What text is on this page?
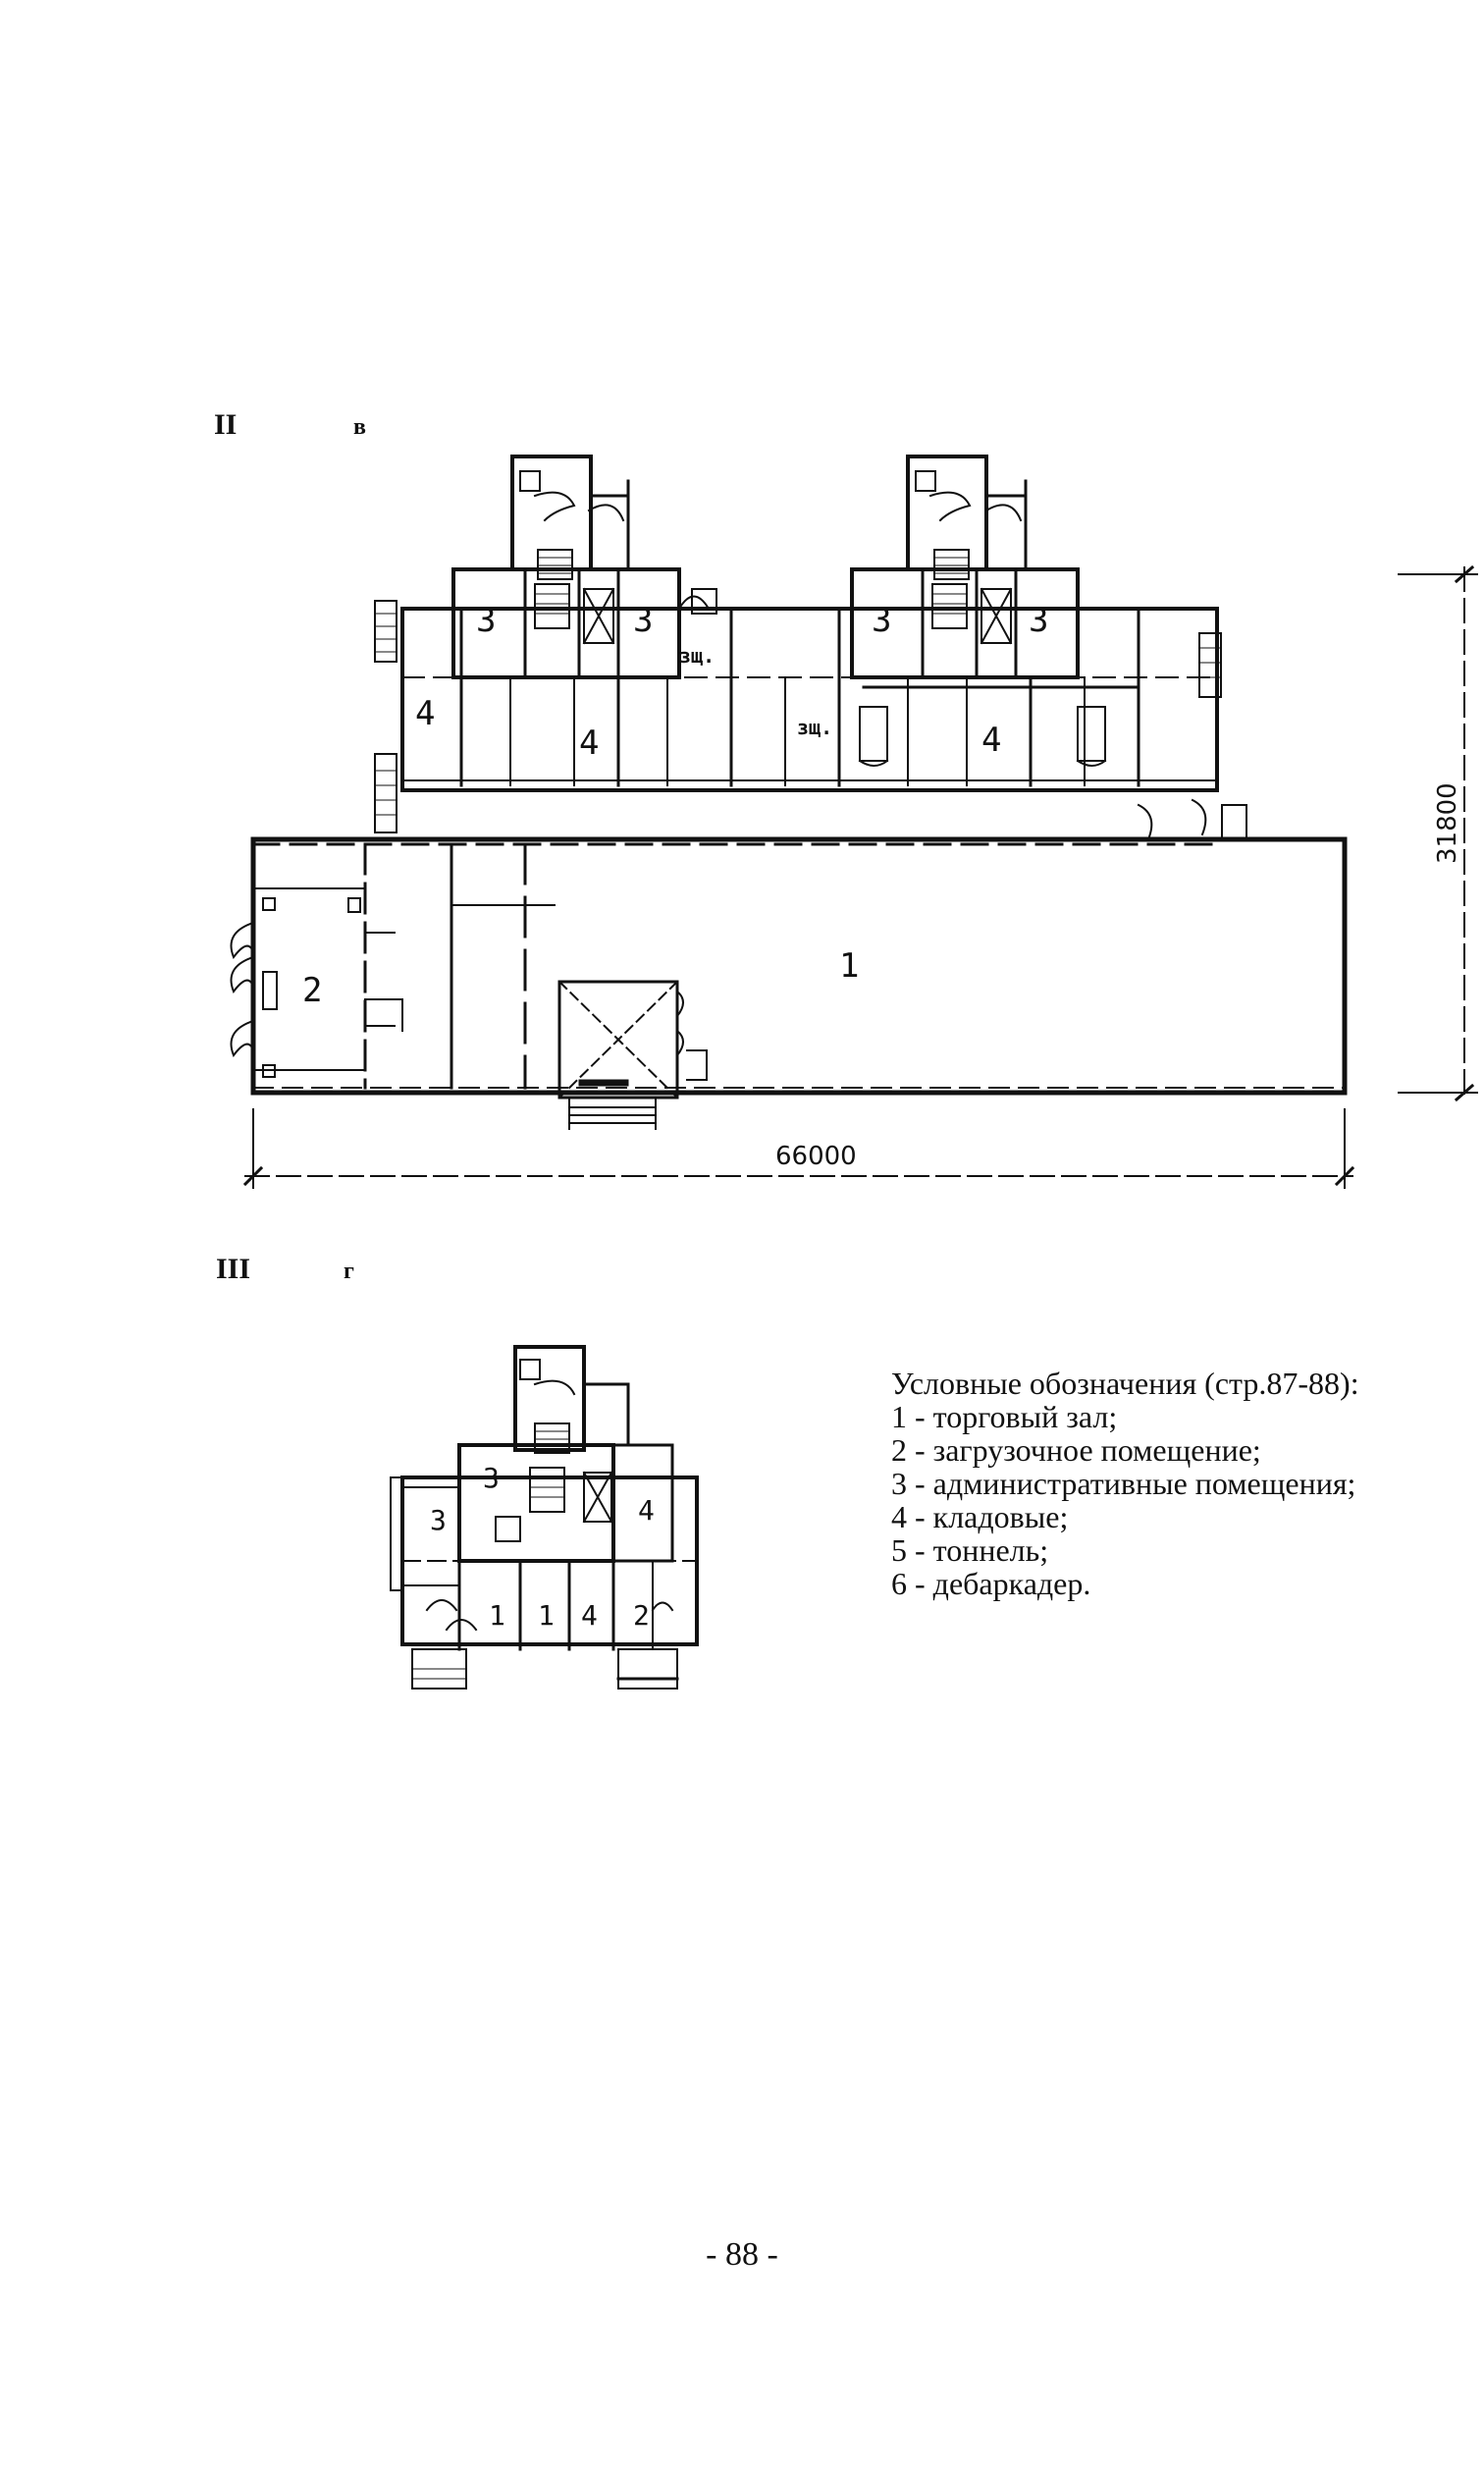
II	в
3	3	3	3
4
4	4
1
2
зщ.
зщ.
66000
31800
III	г
3
3	4
1 1 4 2
Условные обозначения (стр.87-88):
1 - торговый зал;
2 - загрузочное помещение;
3 - административные помещения;
4 - кладовые;
5 - тоннель;
6 - дебаркадер.
- 88 -
